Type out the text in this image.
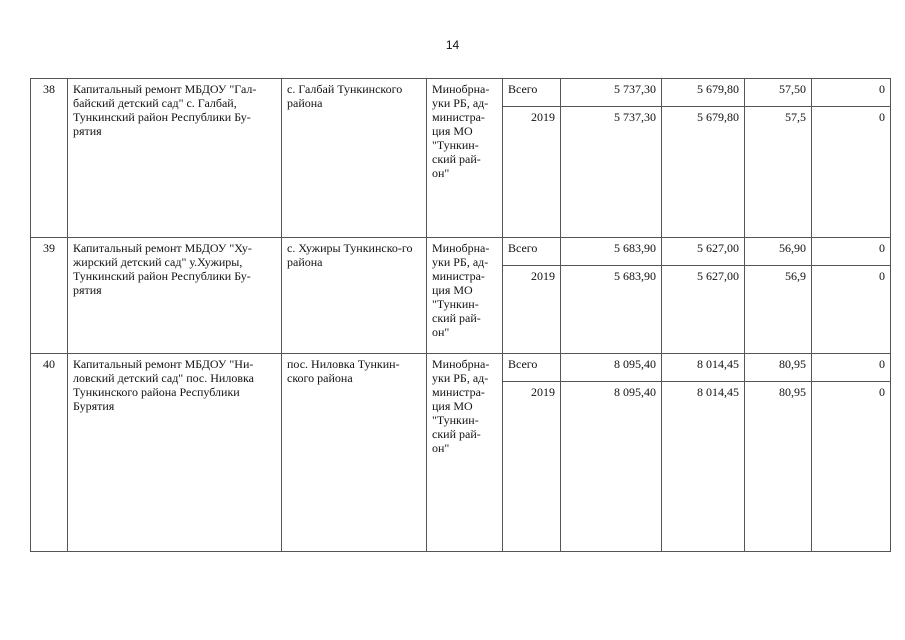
14
38	Капитальный ремонт МБДОУ "Гал-байский детский сад" с. Галбай, Тункинский район Республики Бу-рятия	с. Галбай Тункинского района	Минобрна-уки РБ, ад-министра-ция МО "Тункин-ский рай-он"	Всего	5 737,30	5 679,80	57,50	0
				2019	5 737,30	5 679,80	57,5	0
39	Капитальный ремонт МБДОУ "Ху-жирский детский сад" у.Хужиры, Тункинский район Республики Бу-рятия	с. Хужиры Тункинско-го района	Минобрна-уки РБ, ад-министра-ция МО "Тункин-ский рай-он"	Всего	5 683,90	5 627,00	56,90	0
				2019	5 683,90	5 627,00	56,9	0
40	Капитальный ремонт МБДОУ "Ни-ловский детский сад" пос. Ниловка Тункинского района Республики Бурятия	пос. Ниловка Тункин-ского района	Минобрна-уки РБ, ад-министра-ция МО "Тункин-ский рай-он"	Всего	8 095,40	8 014,45	80,95	0
				2019	8 095,40	8 014,45	80,95	0
